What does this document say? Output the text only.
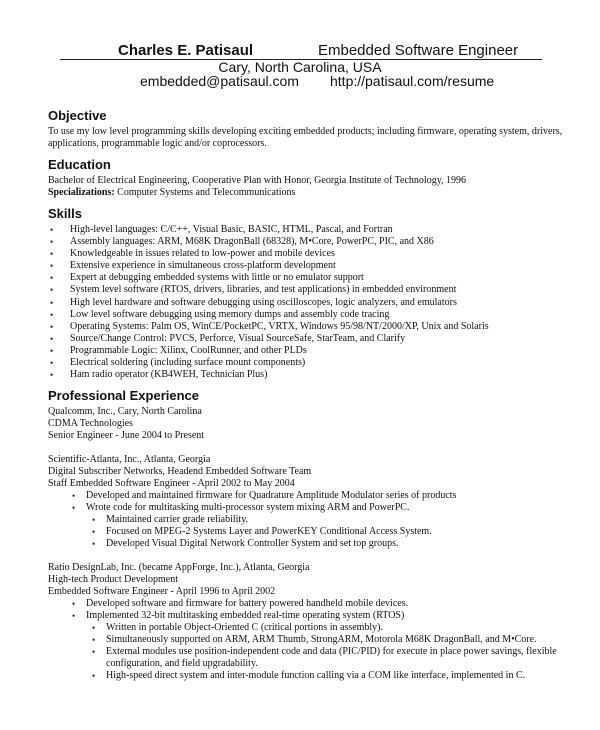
Charles E. Patisaul	Embedded Software Engineer
Cary, North Carolina, USA
embedded@patisaul.com http://patisaul.com/resume
Objective

To use my low level programming skills developing exciting embedded products; including firmware, operating system, drivers, applications, programmable logic and/or coprocessors.

Education

Bachelor of Electrical Engineering, Cooperative Plan with Honor, Georgia Institute of Technology, 1996

Specializations: Computer Systems and Telecommunications

Skills
• High-level languages: C/C++, Visual Basic, BASIC, HTML, Pascal, and Fortran
• Assembly languages: ARM, M68K DragonBall (68328), M•Core, PowerPC, PIC, and X86
• Knowledgeable in issues related to low-power and mobile devices
• Extensive experience in simultaneous cross-platform development
• Expert at debugging embedded systems with little or no emulator support
• System level software (RTOS, drivers, libraries, and test applications) in embedded environment
• High level hardware and software debugging using oscilloscopes, logic analyzers, and emulators
• Low level software debugging using memory dumps and assembly code tracing
• Operating Systems: Palm OS, WinCE/PocketPC, VRTX, Windows 95/98/NT/2000/XP, Unix and Solaris
• Source/Change Control: PVCS, Perforce, Visual SourceSafe, StarTeam, and Clarify
• Programmable Logic: Xilinx, CoolRunner, and other PLDs
• Electrical soldering (including surface mount components)
• Ham radio operator (KB4WEH, Technician Plus)
Professional Experience

Qualcomm, Inc., Cary, North Carolina

CDMA Technologies

Senior Engineer - June 2004 to Present

Scientific-Atlanta, Inc., Atlanta, Georgia

Digital Subscriber Networks, Headend Embedded Software Team

Staff Embedded Software Engineer - April 2002 to May 2004

• Developed and maintained firmware for Quadrature Amplitude Modulator series of products
• Wrote code for multitasking multi-processor system mixing ARM and PowerPC.
• Maintained carrier grade reliability.
• Focused on MPEG-2 Systems Layer and PowerKEY Conditional Access System.
• Developed Visual Digital Network Controller System and set top groups.

Ratio DesignLab, Inc. (became AppForge, Inc.), Atlanta, Georgia

High-tech Product Development

Embedded Software Engineer - April 1996 to April 2002

• Developed software and firmware for battery powered handheld mobile devices.
• Implemented 32-bit multitasking embedded real-time operating system (RTOS)
• Written in portable Object-Oriented C (critical portions in assembly).
• Simultaneously supported on ARM, ARM Thumb, StrongARM, Motorola M68K DragonBall, and M•Core.
• External modules use position-independent code and data (PIC/PID) for execute in place power savings, flexible configuration, and field upgradability.
• High-speed direct system and inter-module function calling via a COM like interface, implemented in C.
